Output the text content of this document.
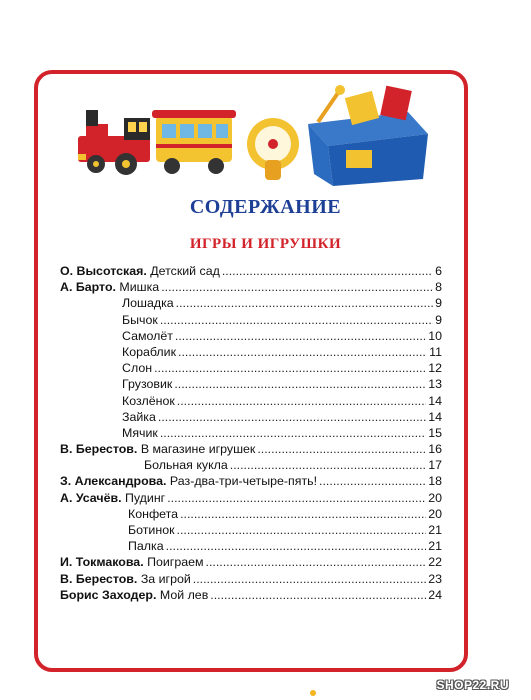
СОДЕРЖАНИЕ
ИГРЫ И ИГРУШКИ
О. Высотская. Детский сад .....	6
А. Барто. Мишка .....	8
Лошадка .....	9
Бычок .....	9
Самолёт .....	10
Кораблик .....	11
Слон .....	12
Грузовик .....	13
Козлёнок .....	14
Зайка .....	14
Мячик .....	15
В. Берестов. В магазине игрушек .....	16
Больная кукла .....	17
З. Александрова. Раз-два-три-четыре-пять! .....	18
А. Усачёв. Пудинг .....	20
Конфета .....	20
Ботинок .....	21
Палка .....	21
И. Токмакова. Поиграем .....	22
В. Берестов. За игрой .....	23
Борис Заходер. Мой лев .....	24
SHOP22.RU
